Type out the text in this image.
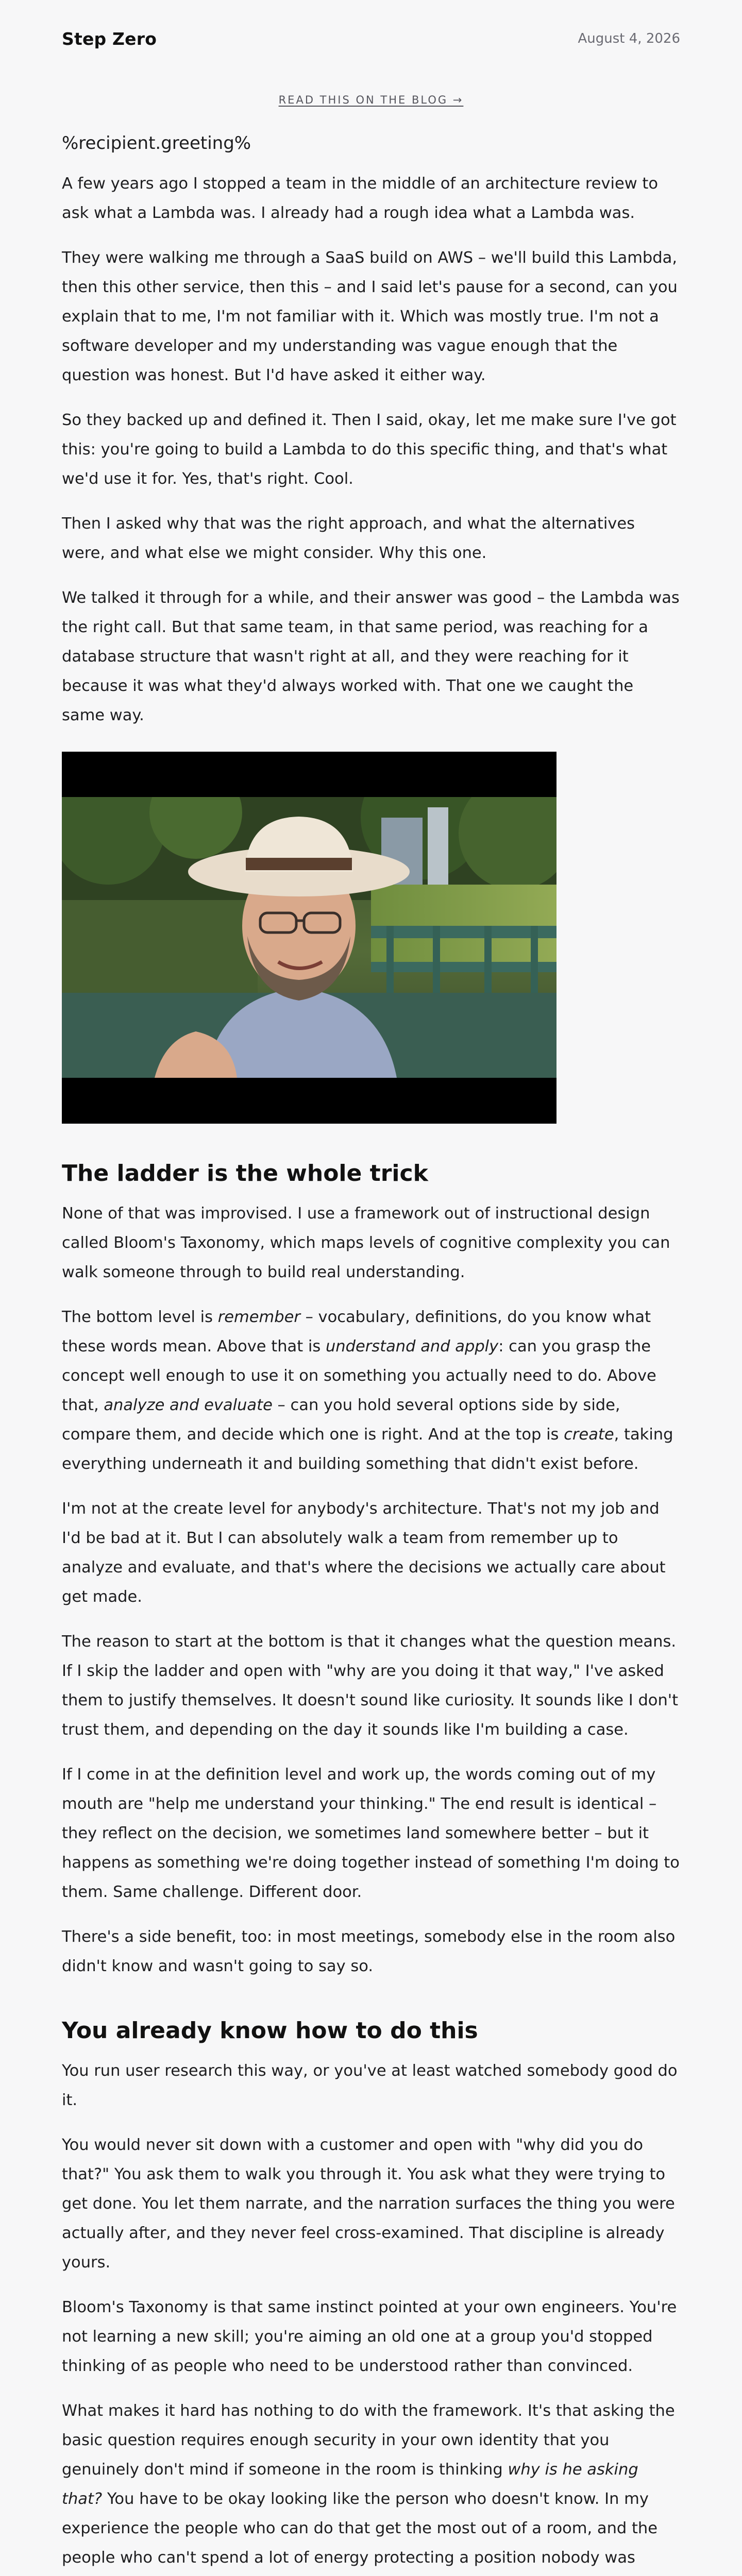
Step Zero	August 4, 2026
READ THIS ON THE BLOG →
%recipient.greeting%

A few years ago I stopped a team in the middle of an architecture review to ask what a Lambda was. I already had a rough idea what a Lambda was.

They were walking me through a SaaS build on AWS – we'll build this Lambda, then this other service, then this – and I said let's pause for a second, can you explain that to me, I'm not familiar with it. Which was mostly true. I'm not a software developer and my understanding was vague enough that the question was honest. But I'd have asked it either way.

So they backed up and defined it. Then I said, okay, let me make sure I've got this: you're going to build a Lambda to do this specific thing, and that's what we'd use it for. Yes, that's right. Cool.

Then I asked why that was the right approach, and what the alternatives were, and what else we might consider. Why this one.

We talked it through for a while, and their answer was good – the Lambda was the right call. But that same team, in that same period, was reaching for a database structure that wasn't right at all, and they were reaching for it because it was what they'd always worked with. That one we caught the same way.

The ladder is the whole trick

None of that was improvised. I use a framework out of instructional design called Bloom's Taxonomy, which maps levels of cognitive complexity you can walk someone through to build real understanding.

The bottom level is remember – vocabulary, definitions, do you know what these words mean. Above that is understand and apply: can you grasp the concept well enough to use it on something you actually need to do. Above that, analyze and evaluate – can you hold several options side by side, compare them, and decide which one is right. And at the top is create, taking everything underneath it and building something that didn't exist before.

I'm not at the create level for anybody's architecture. That's not my job and I'd be bad at it. But I can absolutely walk a team from remember up to analyze and evaluate, and that's where the decisions we actually care about get made.

The reason to start at the bottom is that it changes what the question means. If I skip the ladder and open with "why are you doing it that way," I've asked them to justify themselves. It doesn't sound like curiosity. It sounds like I don't trust them, and depending on the day it sounds like I'm building a case.

If I come in at the definition level and work up, the words coming out of my mouth are "help me understand your thinking." The end result is identical – they reflect on the decision, we sometimes land somewhere better – but it happens as something we're doing together instead of something I'm doing to them. Same challenge. Different door.

There's a side benefit, too: in most meetings, somebody else in the room also didn't know and wasn't going to say so.

You already know how to do this

You run user research this way, or you've at least watched somebody good do it.

You would never sit down with a customer and open with "why did you do that?" You ask them to walk you through it. You ask what they were trying to get done. You let them narrate, and the narration surfaces the thing you were actually after, and they never feel cross-examined. That discipline is already yours.

Bloom's Taxonomy is that same instinct pointed at your own engineers. You're not learning a new skill; you're aiming an old one at a group you'd stopped thinking of as people who need to be understood rather than convinced.

What makes it hard has nothing to do with the framework. It's that asking the basic question requires enough security in your own identity that you genuinely don't mind if someone in the room is thinking why is he asking that? You have to be okay looking like the person who doesn't know. In my experience the people who can do that get the most out of a room, and the people who can't spend a lot of energy protecting a position nobody was
